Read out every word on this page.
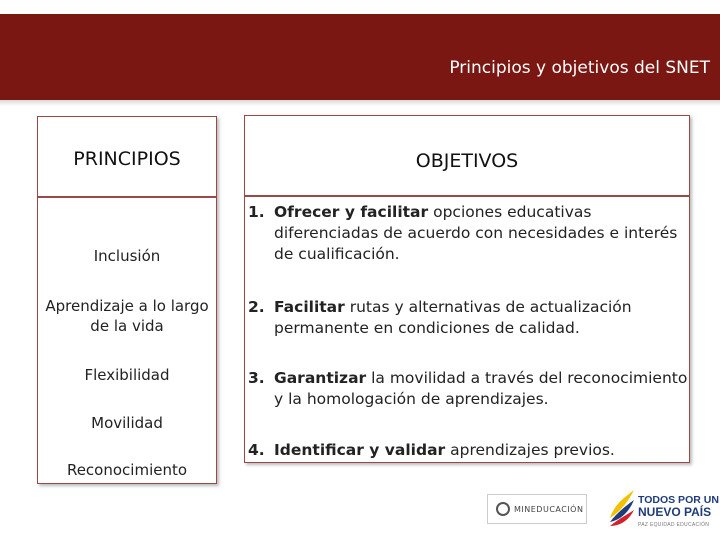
Principios y objetivos del SNET
PRINCIPIOS
Inclusión
Aprendizaje a lo largo de la vida
Flexibilidad
Movilidad
Reconocimiento
OBJETIVOS
1. Ofrecer y facilitar opciones educativas diferenciadas de acuerdo con necesidades e interés de cualificación.
2. Facilitar rutas y alternativas de actualización permanente en condiciones de calidad.
3. Garantizar la movilidad a través del reconocimiento y la homologación de aprendizajes.
4. Identificar y validar aprendizajes previos.
MINEDUCACIÓN
TODOS POR UN
NUEVO PAÍS
PAZ EQUIDAD EDUCACIÓN
